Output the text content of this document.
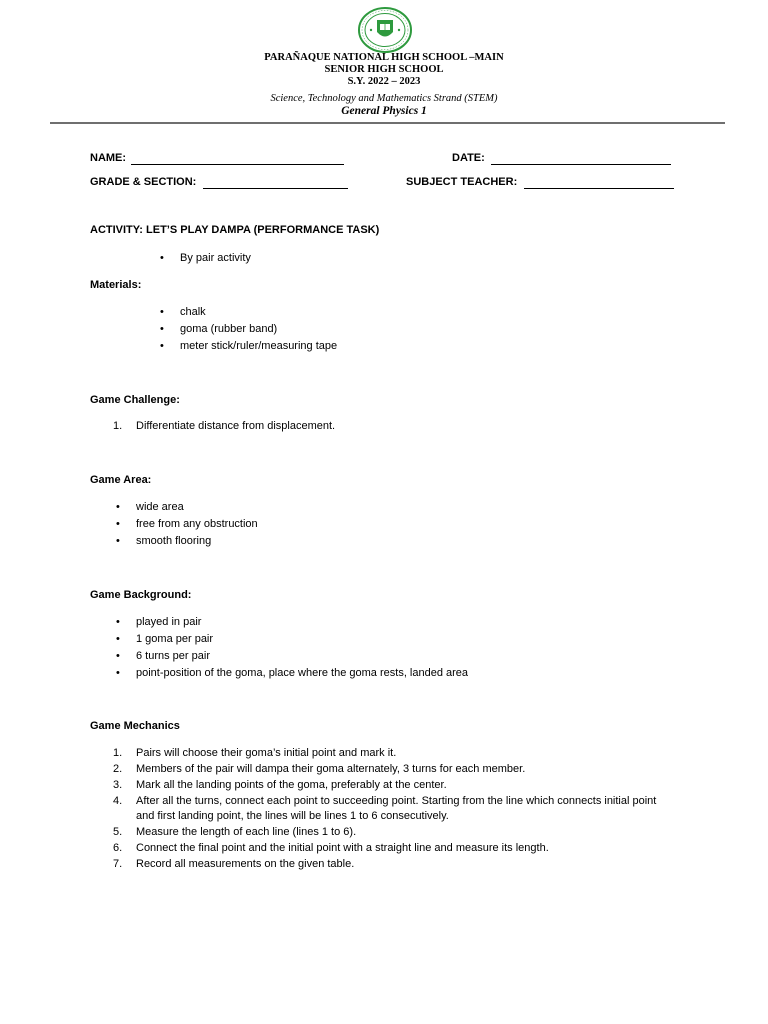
PARAÑAQUE NATIONAL HIGH SCHOOL –MAIN
SENIOR HIGH SCHOOL
S.Y. 2022 – 2023
Science, Technology and Mathematics Strand (STEM)
General Physics 1
NAME:	DATE:
GRADE & SECTION:	SUBJECT TEACHER:
ACTIVITY: LET’S PLAY DAMPA (PERFORMANCE TASK)
• By pair activity
Materials:
• chalk
• goma (rubber band)
• meter stick/ruler/measuring tape
Game Challenge:
1. Differentiate distance from displacement.
Game Area:
• wide area
• free from any obstruction
• smooth flooring
Game Background:
• played in pair
• 1 goma per pair
• 6 turns per pair
• point-position of the goma, place where the goma rests, landed area
Game Mechanics
1. Pairs will choose their goma’s initial point and mark it.
2. Members of the pair will dampa their goma alternately, 3 turns for each member.
3. Mark all the landing points of the goma, preferably at the center.
4. After all the turns, connect each point to succeeding point. Starting from the line which connects initial point
and first landing point, the lines will be lines 1 to 6 consecutively.
5. Measure the length of each line (lines 1 to 6).
6. Connect the final point and the initial point with a straight line and measure its length.
7. Record all measurements on the given table.
